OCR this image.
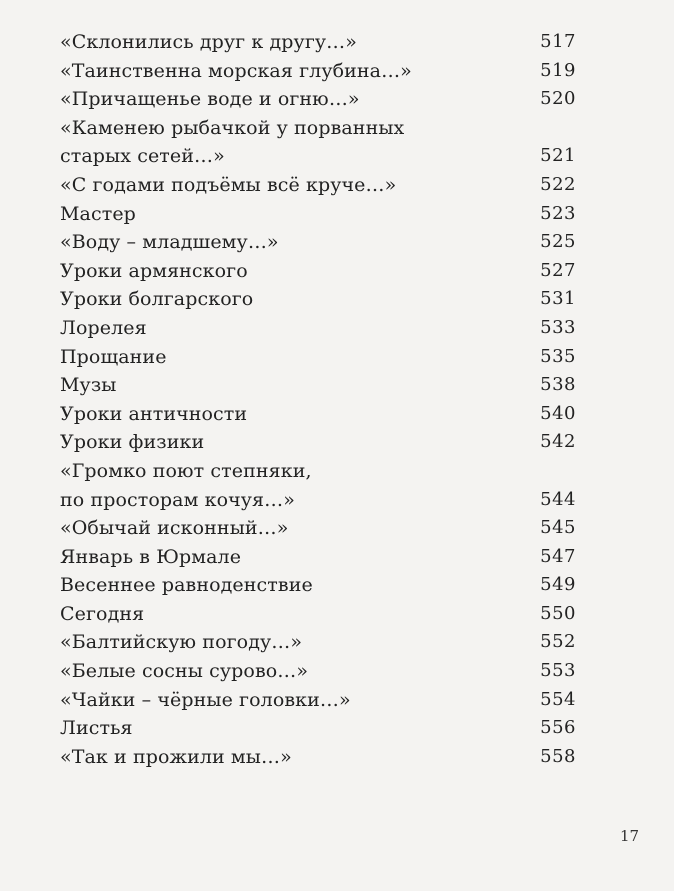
«Склонились друг к другу…»	517
«Таинственна морская глубина…»	519
«Причащенье воде и огню…»	520
«Каменею рыбачкой у порванных
старых сетей…»	521
«С годами подъёмы всё круче…»	522
Мастер	523
«Воду – младшему…»	525
Уроки армянского	527
Уроки болгарского	531
Лорелея	533
Прощание	535
Музы	538
Уроки античности	540
Уроки физики	542
«Громко поют степняки,
по просторам кочуя…»	544
«Обычай исконный…»	545
Январь в Юрмале	547
Весеннее равноденствие	549
Сегодня	550
«Балтийскую погоду…»	552
«Белые сосны сурово…»	553
«Чайки – чёрные головки…»	554
Листья	556
«Так и прожили мы…»	558
17
